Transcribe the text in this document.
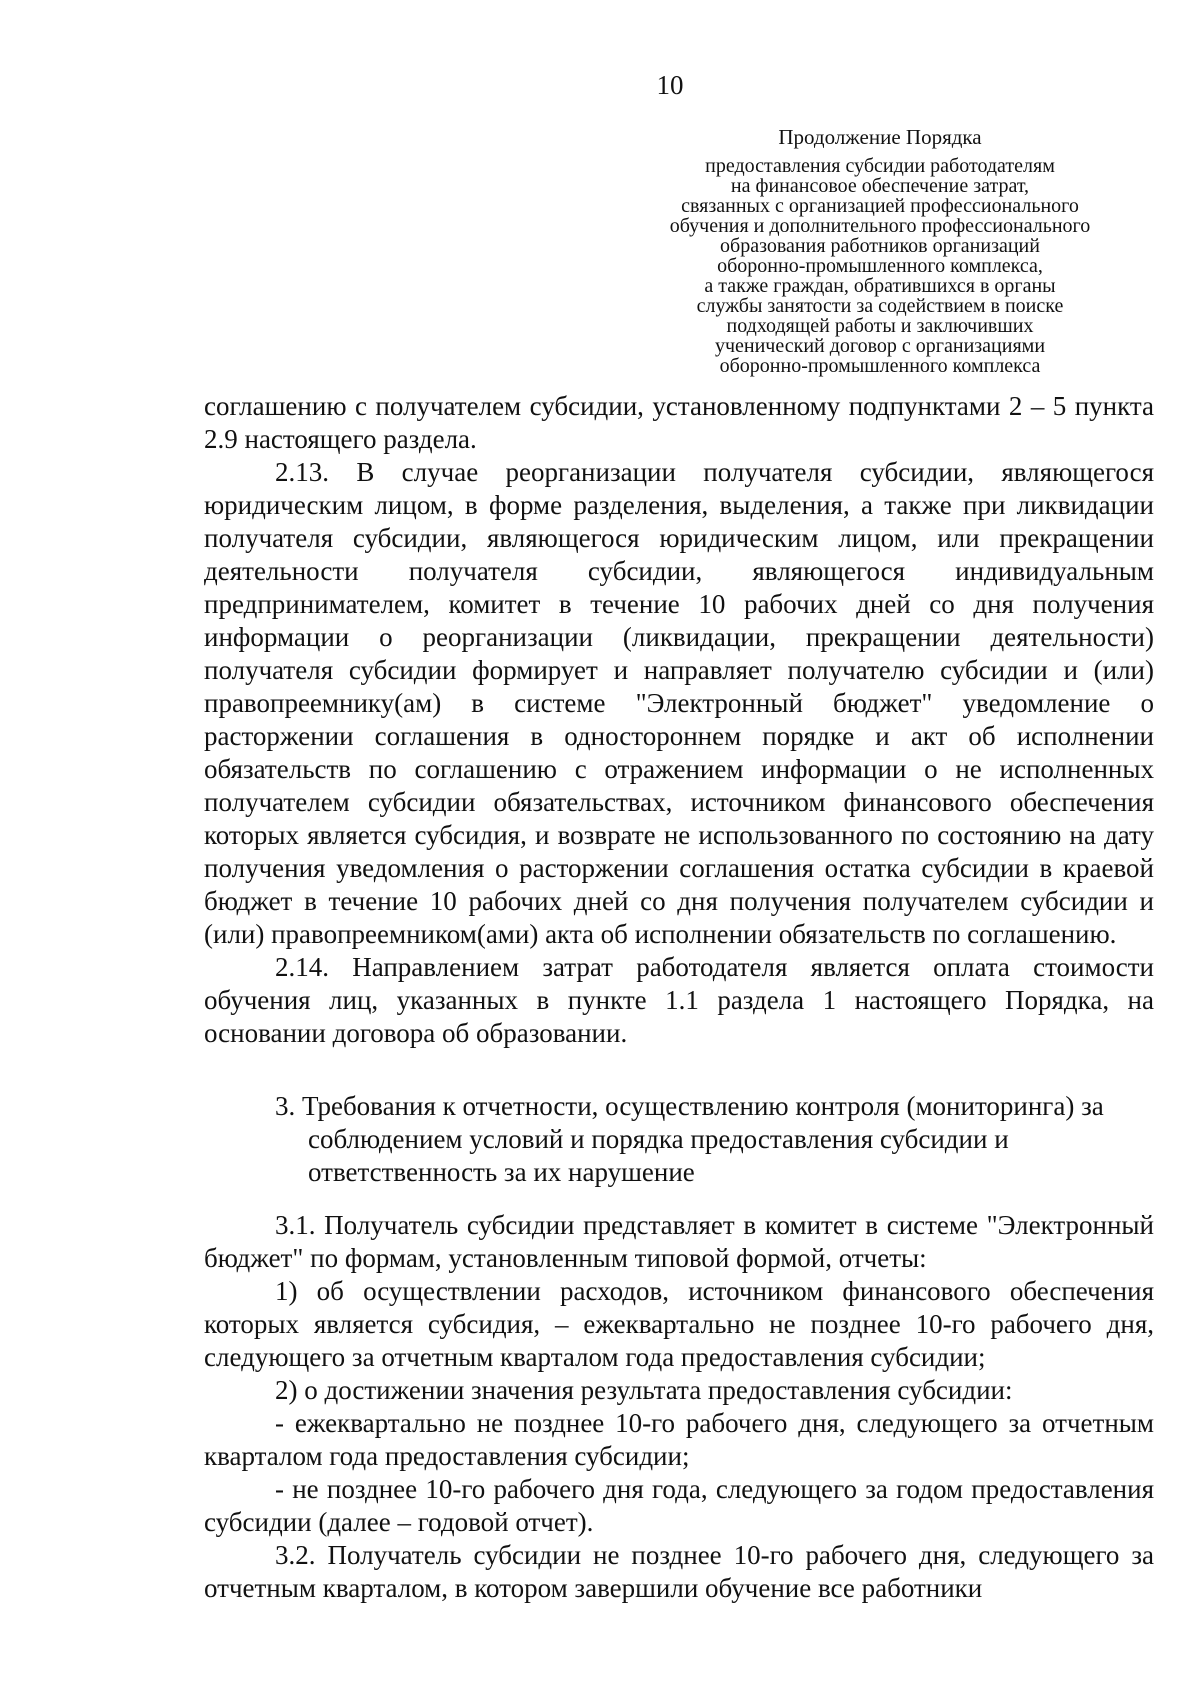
10
Продолжение Порядка

предоставления субсидии работодателям

на финансовое обеспечение затрат,

связанных с организацией профессионального

обучения и дополнительного профессионального

образования работников организаций

оборонно-промышленного комплекса,

а также граждан, обратившихся в органы

службы занятости за содействием в поиске

подходящей работы и заключивших

ученический договор с организациями

оборонно-промышленного комплекса

соглашению с получателем субсидии, установленному подпунктами 2 – 5 пункта 2.9 настоящего раздела.

2.13. В случае реорганизации получателя субсидии, являющегося юридическим лицом, в форме разделения, выделения, а также при ликвидации получателя субсидии, являющегося юридическим лицом, или прекращении деятельности получателя субсидии, являющегося индивидуальным предпринимателем, комитет в течение 10 рабочих дней со дня получения информации о реорганизации (ликвидации, прекращении деятельности) получателя субсидии формирует и направляет получателю субсидии и (или) правопреемнику(ам) в системе "Электронный бюджет" уведомление о расторжении соглашения в одностороннем порядке и акт об исполнении обязательств по соглашению с отражением информации о не исполненных получателем субсидии обязательствах, источником финансового обеспечения которых является субсидия, и возврате не использованного по состоянию на дату получения уведомления о расторжении соглашения остатка субсидии в краевой бюджет в течение 10 рабочих дней со дня получения получателем субсидии и (или) правопреемником(ами) акта об исполнении обязательств по соглашению.

2.14. Направлением затрат работодателя является оплата стоимости обучения лиц, указанных в пункте 1.1 раздела 1 настоящего Порядка, на основании договора об образовании.

3. Требования к отчетности, осуществлению контроля (мониторинга) за
соблюдением условий и порядка предоставления субсидии и
ответственность за их нарушение

3.1. Получатель субсидии представляет в комитет в системе "Электронный бюджет" по формам, установленным типовой формой, отчеты:

1) об осуществлении расходов, источником финансового обеспечения которых является субсидия, – ежеквартально не позднее 10-го рабочего дня, следующего за отчетным кварталом года предоставления субсидии;

2) о достижении значения результата предоставления субсидии:

- ежеквартально не позднее 10-го рабочего дня, следующего за отчетным кварталом года предоставления субсидии;

- не позднее 10-го рабочего дня года, следующего за годом предоставления субсидии (далее – годовой отчет).

3.2. Получатель субсидии не позднее 10-го рабочего дня, следующего за отчетным кварталом, в котором завершили обучение все работники
